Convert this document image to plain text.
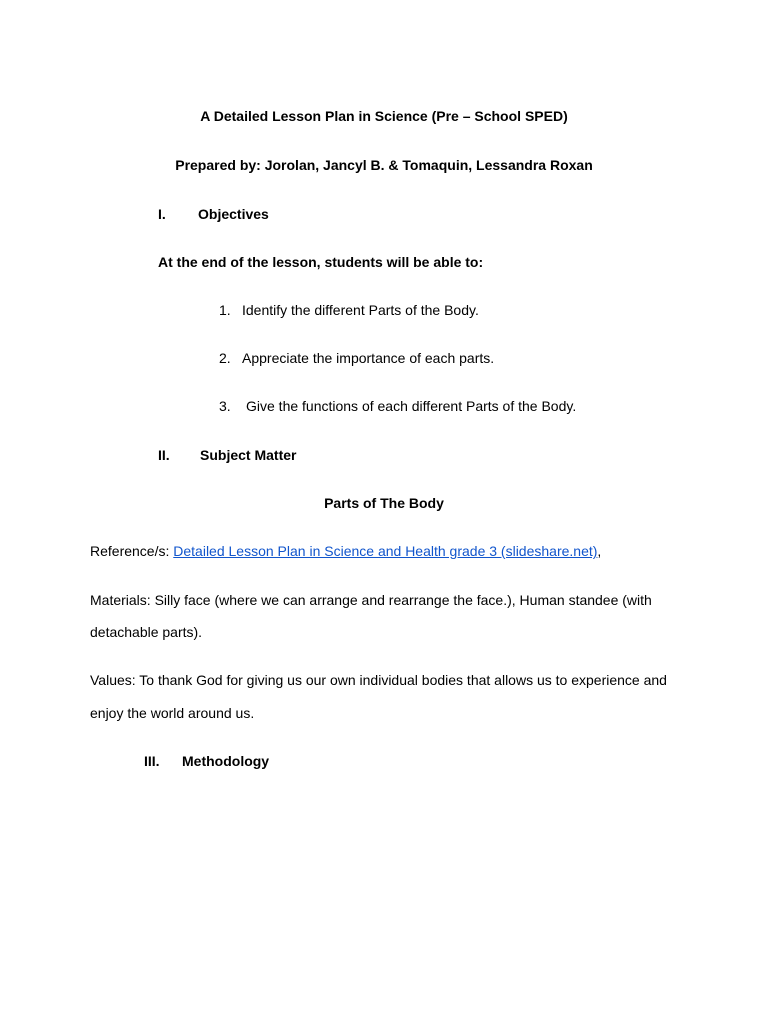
A Detailed Lesson Plan in Science (Pre – School SPED)
Prepared by: Jorolan, Jancyl B. & Tomaquin, Lessandra Roxan
I. Objectives
At the end of the lesson, students will be able to:
1. Identify the different Parts of the Body.
2. Appreciate the importance of each parts.
3. Give the functions of each different Parts of the Body.
II. Subject Matter
Parts of The Body
Reference/s: Detailed Lesson Plan in Science and Health grade 3 (slideshare.net),
Materials: Silly face (where we can arrange and rearrange the face.), Human standee (with
detachable parts).
Values: To thank God for giving us our own individual bodies that allows us to experience and
enjoy the world around us.
III. Methodology
